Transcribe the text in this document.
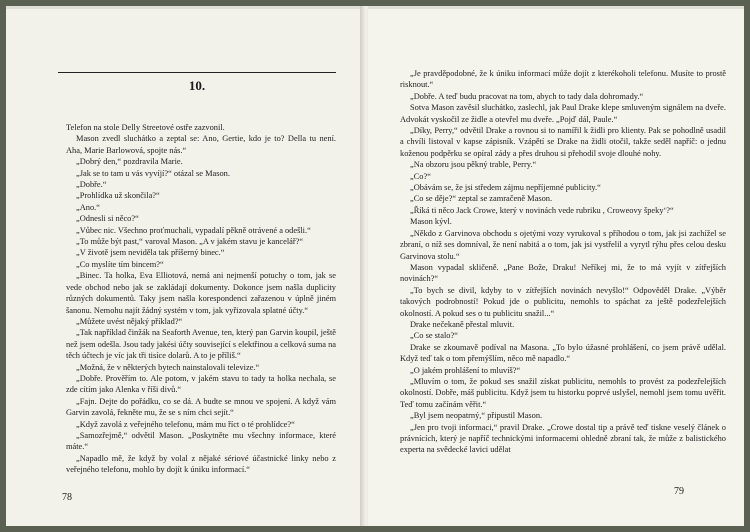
10.

Telefon na stole Delly Streetové ostře zazvonil.

Mason zvedl sluchátko a zeptal se: Ano, Gertie, kdo je to? Della tu není. Aha, Marie Barlowová, spojte nás.“

„Dobrý den,“ pozdravila Marie.

„Jak se to tam u vás vyvíjí?“ otázal se Mason.

„Dobře.“

„Prohlídka už skončila?“

„Ano.“

„Odnesli si něco?“

„Vůbec nic. Všechno proťmuchali, vypadalí pěkně otrávené a odešli.“

„To může být past,“ varoval Mason. „A v jakém stavu je kancelář?“

„V životě jsem neviděla tak příšerný binec.“

„Co myslíte tím bincem?“

„Binec. Ta holka, Eva Elliotová, nemá ani nejmenší potuchy o tom, jak se vede obchod nebo jak se zakládají dokumenty. Dokonce jsem našla duplicity různých dokumentů. Taky jsem našla korespondenci zařazenou v úplně jiném šanonu. Nemohu najít žádný systém v tom, jak vyřizovala splatné účty.“

„Můžete uvést nějaký příklad?“

„Tak například činžák na Seaforth Avenue, ten, který pan Garvin koupil, ještě než jsem odešla. Jsou tady jakési účty související s elektřinou a celková suma na těch účtech je víc jak tři tisíce dolarů. A to je příliš.“

„Možná, že v některých bytech nainstalovali televize.“

„Dobře. Prověřím to. Ale potom, v jakém stavu to tady ta holka nechala, se zde cítím jako Alenka v říši divů.“

„Fajn. Dejte do pořádku, co se dá. A budte se mnou ve spojení. A když vám Garvin zavolá, řekněte mu, že se s ním chci sejít.“

„Když zavolá z veřejného telefonu, mám mu říct o té prohlídce?“

„Samozřejmě,“ odvětil Mason. „Poskytněte mu všechny informace, které máte.“

„Napadlo mě, že když by volal z nějaké sériové účastnické linky nebo z veřejného telefonu, mohlo by dojít k úniku informací.“

78

„Je pravděpodobné, že k úniku informací může dojít z kterékoholi telefonu. Musíte to prostě risknout.“

„Dobře. A teď budu pracovat na tom, abych to tady dala dohromady.“

Sotva Mason zavěsil sluchátko, zaslechl, jak Paul Drake klepe smluveným signálem na dveře. Advokát vyskočil ze židle a otevřel mu dveře. „Pojď dál, Paule.“

„Díky, Perry,“ odvětil Drake a rovnou si to namířil k židli pro klienty. Pak se pohodlně usadil a chvíli listoval v kapse zápisník. Vzápětí se Drake na židli otočil, takže seděl napříč: o jednu koženou podpěrku se opíral zády a přes druhou si přehodil svoje dlouhé nohy.

„Na obzoru jsou pěkný trable, Perry.“

„Co?“

„Obávám se, že jsi středem zájmu nepříjemné publicity.“

„Co se děje?“ zeptal se zamračeně Mason.

„Říká ti něco Jack Crowe, který v novinách vede rubriku , Croweovy špeky‘?“

Mason kývl.

„Někdo z Garvinova obchodu s ojetými vozy vyrukoval s příhodou o tom, jak jsi zachížel se zbraní, o níž ses domníval, že není nabitá a o tom, jak jsi vystřelil a vyrytl rýhu přes celou desku Garvinova stolu.“

Mason vypadal skličeně. „Pane Bože, Draku! Neříkej mi, že to má vyjít v zítřejších novinách?“

„To bych se divil, kdyby to v zítřejších novinách nevyšlo!“ Odpověděl Drake. „Výběr takových podrobností! Pokud jde o publicitu, nemohls to spáchat za ještě podezřelejších okolností. A pokud ses o tu publicitu snažil...“

Drake nečekaně přestal mluvit.

„Co se stalo?“

Drake se zkoumavě podíval na Masona. „To bylo úžasné prohlášení, co jsem právě udělal. Když teď tak o tom přemýšlím, něco mě napadlo.“

„O jakém prohlášení to mluvíš?“

„Mluvím o tom, že pokud ses snažil získat publicitu, nemohls to provést za podezřelejších okolností. Dobře, máš publicitu. Když jsem tu historku poprvé uslyšel, nemohl jsem tomu uvěřit. Teď tomu začínám věřit.“

„Byl jsem neopatrný,“ připustil Mason.

„Jen pro tvoji informaci,“ pravil Drake. „Crowe dostal tip a právě teď tiskne veselý článek o právnících, který je napříč technickými informacemi ohledně zbraní tak, že může z balistického experta na svědecké lavici udělat

79
